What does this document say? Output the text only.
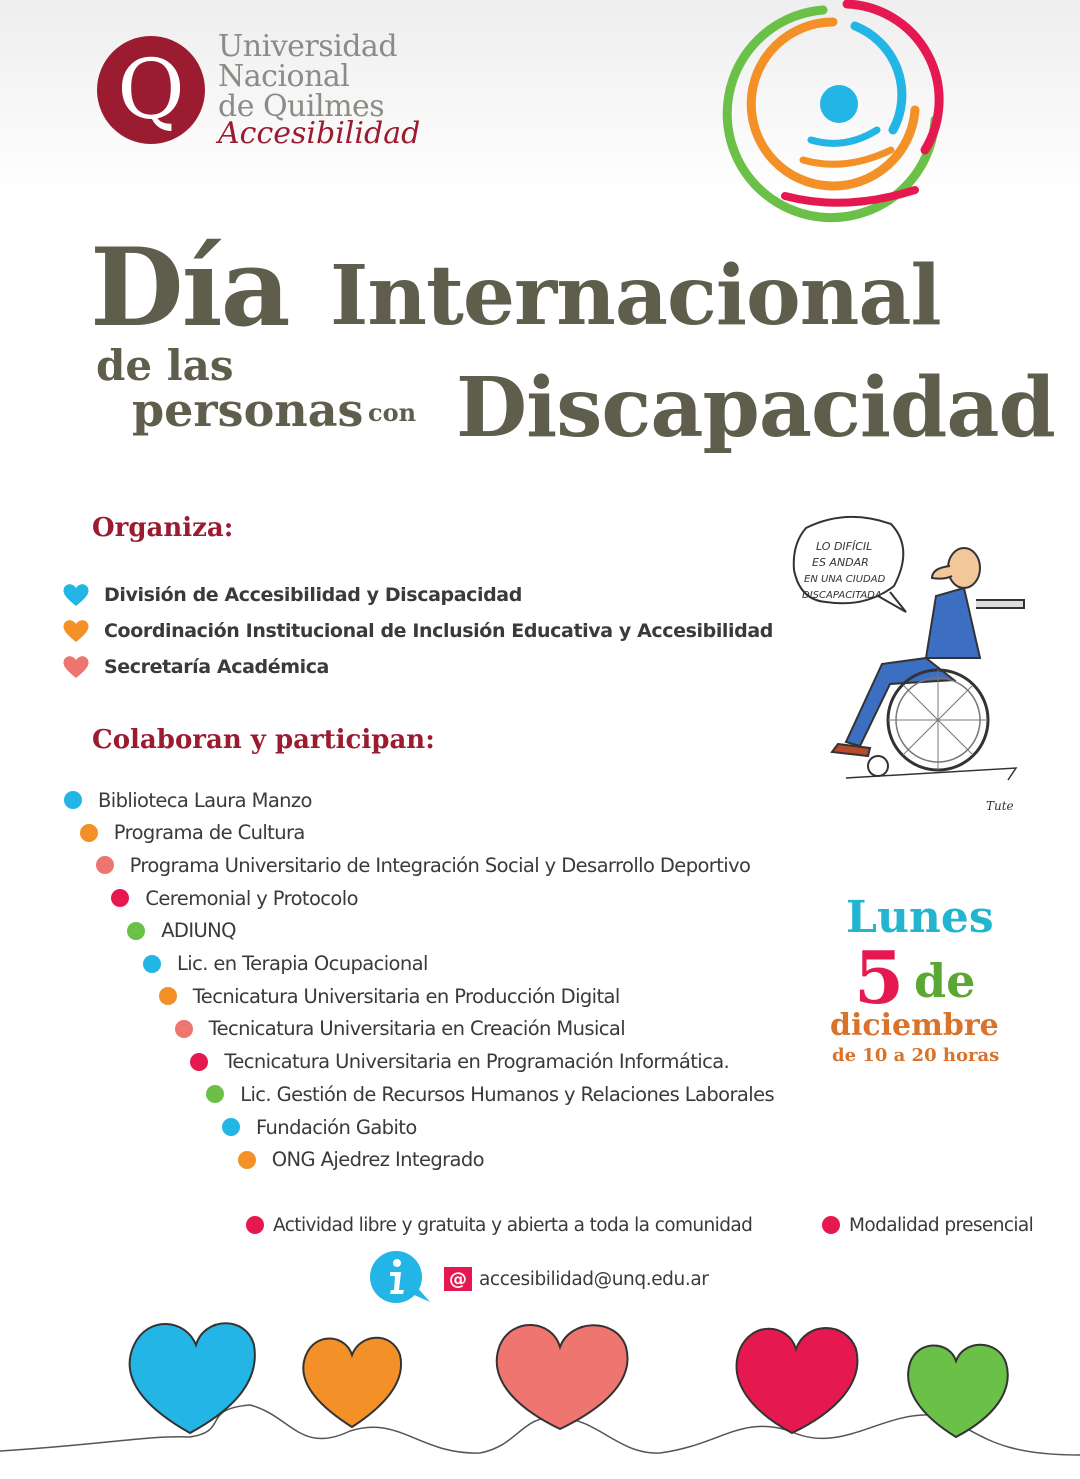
Q Universidad
Nacional
de Quilmes
Accesibilidad
Día Internacional
de las
personas con Discapacidad
Organiza:
División de Accesibilidad y Discapacidad
Coordinación Institucional de Inclusión Educativa y Accesibilidad
Secretaría Académica
Colaboran y participan:
Biblioteca Laura Manzo
Programa de Cultura
Programa Universitario de Integración Social y Desarrollo Deportivo
Ceremonial y Protocolo
ADIUNQ
Lic. en Terapia Ocupacional
Tecnicatura Universitaria en Producción Digital
Tecnicatura Universitaria en Creación Musical
Tecnicatura Universitaria en Programación Informática.
Lic. Gestión de Recursos Humanos y Relaciones Laborales
Fundación Gabito
ONG Ajedrez Integrado
LO DIFÍCIL
ES ANDAR
EN UNA CIUDAD
DISCAPACITADA
Tute
Lunes
5 de
diciembre
de 10 a 20 horas
Actividad libre y gratuita y abierta a toda la comunidad	Modalidad presencial
@ accesibilidad@unq.edu.ar
